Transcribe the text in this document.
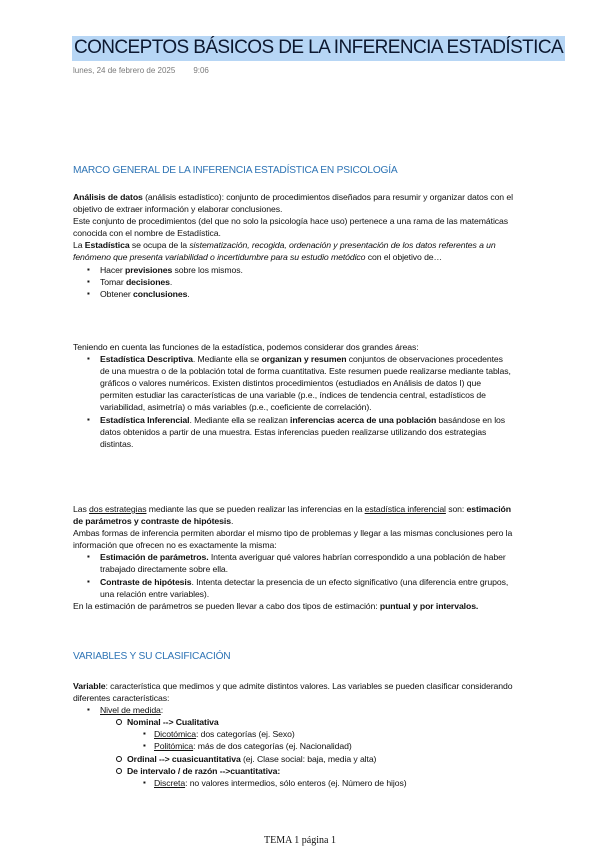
CONCEPTOS BÁSICOS DE LA INFERENCIA ESTADÍSTICA
lunes, 24 de febrero de 2025 9:06
MARCO GENERAL DE LA INFERENCIA ESTADÍSTICA EN PSICOLOGÍA

Análisis de datos (análisis estadístico): conjunto de procedimientos diseñados para resumir y organizar datos con el objetivo de extraer información y elaborar conclusiones.

Este conjunto de procedimientos (del que no solo la psicología hace uso) pertenece a una rama de las matemáticas conocida con el nombre de Estadística.

La Estadística se ocupa de la sistematización, recogida, ordenación y presentación de los datos referentes a un fenómeno que presenta variabilidad o incertidumbre para su estudio metódico con el objetivo de…

▪ Hacer previsiones sobre los mismos.
▪ Tomar decisiones.
▪ Obtener conclusiones.

Teniendo en cuenta las funciones de la estadística, podemos considerar dos grandes áreas:

▪ Estadística Descriptiva. Mediante ella se organizan y resumen conjuntos de observaciones procedentes de una muestra o de la población total de forma cuantitativa. Este resumen puede realizarse mediante tablas, gráficos o valores numéricos. Existen distintos procedimientos (estudiados en Análisis de datos I) que permiten estudiar las características de una variable (p.e., índices de tendencia central, estadísticos de variabilidad, asimetría) o más variables (p.e., coeficiente de correlación).
▪ Estadística Inferencial. Mediante ella se realizan inferencias acerca de una población basándose en los datos obtenidos a partir de una muestra. Estas inferencias pueden realizarse utilizando dos estrategias distintas.

Las dos estrategias mediante las que se pueden realizar las inferencias en la estadística inferencial son: estimación de parámetros y contraste de hipótesis.

Ambas formas de inferencia permiten abordar el mismo tipo de problemas y llegar a las mismas conclusiones pero la información que ofrecen no es exactamente la misma:

▪ Estimación de parámetros. Intenta averiguar qué valores habrían correspondido a una población de haber trabajado directamente sobre ella.
▪ Contraste de hipótesis. Intenta detectar la presencia de un efecto significativo (una diferencia entre grupos, una relación entre variables).

En la estimación de parámetros se pueden llevar a cabo dos tipos de estimación: puntual y por intervalos.

VARIABLES Y SU CLASIFICACIÓN

Variable: característica que medimos y que admite distintos valores. Las variables se pueden clasificar considerando diferentes características:

▪ Nivel de medida:
Nominal --> Cualitativa
▪ Dicotómica: dos categorías (ej. Sexo)
▪ Politómica: más de dos categorías (ej. Nacionalidad)
Ordinal --> cuasicuantitativa (ej. Clase social: baja, media y alta)
De intervalo / de razón -->cuantitativa:
▪ Discreta: no valores intermedios, sólo enteros (ej. Número de hijos)
TEMA 1 página 1
